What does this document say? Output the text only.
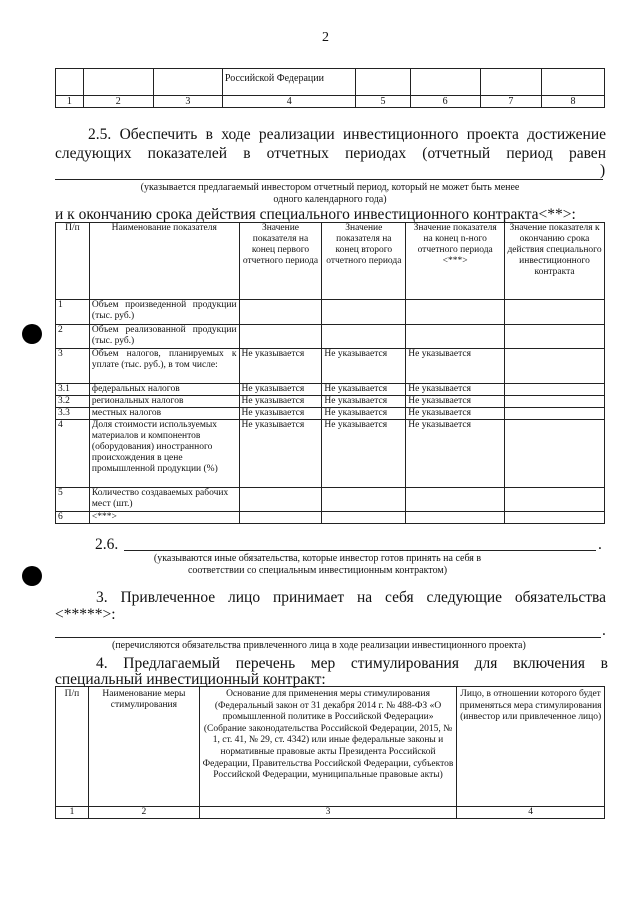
2
			Российской Федерации				
1	2	3	4	5	6	7	8
2.5. Обеспечить в ходе реализации инвестиционного проекта достижение
следующих показателей в отчетных периодах (отчетный период равен
)
(указывается предлагаемый инвестором отчетный период, который не может быть менее одного календарного года)
и к окончанию срока действия специального инвестиционного контракта<**>:
П/п	Наименование показателя	Значение показателя на конец первого отчетного периода	Значение показателя на конец второго отчетного периода	Значение показателя на конец n-ного отчетного периода <***>	Значение показателя к окончанию срока действия специального инвестиционного контракта
1	Объем произведенной продукции (тыс. руб.)				
2	Объем реализованной продукции (тыс. руб.)				
3	Объем налогов, планируемых к уплате (тыс. руб.), в том числе:	Не указывается	Не указывается	Не указывается	
3.1	федеральных налогов	Не указывается	Не указывается	Не указывается	
3.2	региональных налогов	Не указывается	Не указывается	Не указывается	
3.3	местных налогов	Не указывается	Не указывается	Не указывается	
4	Доля стоимости используемых материалов и компонентов (оборудования) иностранного происхождения в цене промышленной продукции (%)	Не указывается	Не указывается	Не указывается	
5	Количество создаваемых рабочих мест (шт.)				
6	<***>				
2.6.	.
(указываются иные обязательства, которые инвестор готов принять на себя в соответствии со специальным инвестиционным контрактом)
3. Привлеченное лицо принимает на себя следующие обязательства
<*****>:
.
(перечисляются обязательства привлеченного лица в ходе реализации инвестиционного проекта)
4. Предлагаемый перечень мер стимулирования для включения в
специальный инвестиционный контракт:
П/п	Наименование меры стимулирования	Основание для применения меры стимулирования (Федеральный закон от 31 декабря 2014 г. № 488-ФЗ «О промышленной политике в Российской Федерации» (Собрание законодательства Российской Федерации, 2015, № 1, ст. 41, № 29, ст. 4342) или иные федеральные законы и нормативные правовые акты Президента Российской Федерации, Правительства Российской Федерации, субъектов Российской Федерации, муниципальные правовые акты)	Лицо, в отношении которого будет применяться мера стимулирования (инвестор или привлеченное лицо)
1	2	3	4
